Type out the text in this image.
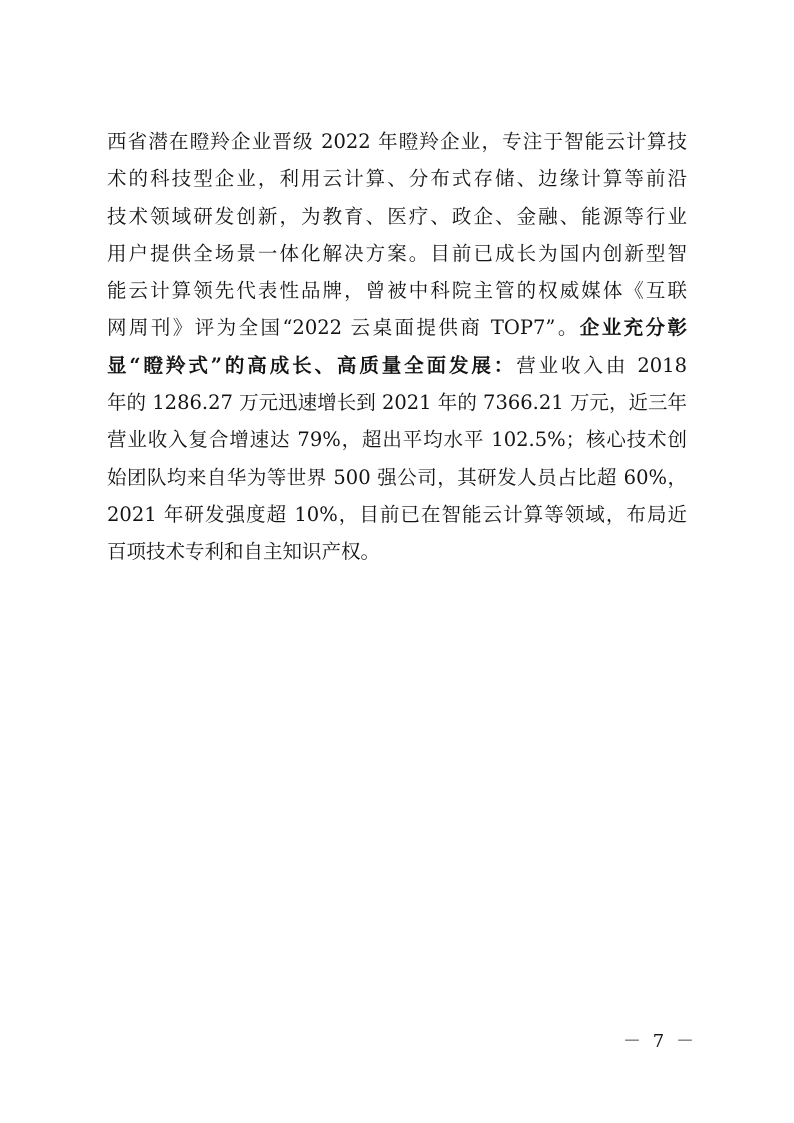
西省潜在瞪羚企业晋级 2022 年瞪羚企业，专注于智能云计算技
术的科技型企业，利用云计算、分布式存储、边缘计算等前沿
技术领域研发创新，为教育、医疗、政企、金融、能源等行业
用户提供全场景一体化解决方案。目前已成长为国内创新型智
能云计算领先代表性品牌，曾被中科院主管的权威媒体《互联
网周刊》评为全国“2022 云桌面提供商 TOP7”。企业充分彰
显“瞪羚式”的高成长、高质量全面发展：营业收入由 2018
年的 1286.27 万元迅速增长到 2021 年的 7366.21 万元，近三年
营业收入复合增速达 79%，超出平均水平 102.5%；核心技术创
始团队均来自华为等世界 500 强公司，其研发人员占比超 60%，
2021 年研发强度超 10%，目前已在智能云计算等领域，布局近
百项技术专利和自主知识产权。
－ 7 －
